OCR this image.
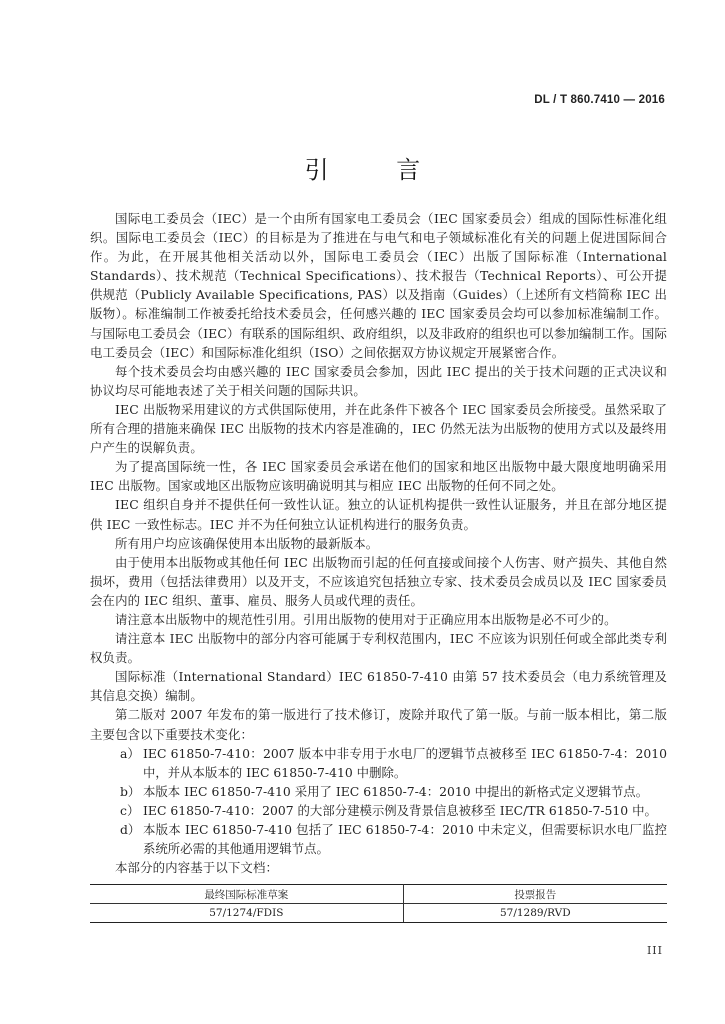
DL / T 860.7410 — 2016
引 言

国际电工委员会（IEC）是一个由所有国家电工委员会（IEC 国家委员会）组成的国际性标准化组织。国际电工委员会（IEC）的目标是为了推进在与电气和电子领域标准化有关的问题上促进国际间合作。为此，在开展其他相关活动以外，国际电工委员会（IEC）出版了国际标准（International Standards）、技术规范（Technical Specifications）、技术报告（Technical Reports）、可公开提供规范（Publicly Available Specifications, PAS）以及指南（Guides）（上述所有文档简称 IEC 出版物）。标准编制工作被委托给技术委员会，任何感兴趣的 IEC 国家委员会均可以参加标准编制工作。与国际电工委员会（IEC）有联系的国际组织、政府组织，以及非政府的组织也可以参加编制工作。国际电工委员会（IEC）和国际标准化组织（ISO）之间依据双方协议规定开展紧密合作。

每个技术委员会均由感兴趣的 IEC 国家委员会参加，因此 IEC 提出的关于技术问题的正式决议和协议均尽可能地表述了关于相关问题的国际共识。

IEC 出版物采用建议的方式供国际使用，并在此条件下被各个 IEC 国家委员会所接受。虽然采取了所有合理的措施来确保 IEC 出版物的技术内容是准确的，IEC 仍然无法为出版物的使用方式以及最终用户产生的误解负责。

为了提高国际统一性，各 IEC 国家委员会承诺在他们的国家和地区出版物中最大限度地明确采用 IEC 出版物。国家或地区出版物应该明确说明其与相应 IEC 出版物的任何不同之处。

IEC 组织自身并不提供任何一致性认证。独立的认证机构提供一致性认证服务，并且在部分地区提供 IEC 一致性标志。IEC 并不为任何独立认证机构进行的服务负责。

所有用户均应该确保使用本出版物的最新版本。

由于使用本出版物或其他任何 IEC 出版物而引起的任何直接或间接个人伤害、财产损失、其他自然损坏，费用（包括法律费用）以及开支，不应该追究包括独立专家、技术委员会成员以及 IEC 国家委员会在内的 IEC 组织、董事、雇员、服务人员或代理的责任。

请注意本出版物中的规范性引用。引用出版物的使用对于正确应用本出版物是必不可少的。

请注意本 IEC 出版物中的部分内容可能属于专利权范围内，IEC 不应该为识别任何或全部此类专利权负责。

国际标准（International Standard）IEC 61850-7-410 由第 57 技术委员会（电力系统管理及其信息交换）编制。

第二版对 2007 年发布的第一版进行了技术修订，废除并取代了第一版。与前一版本相比，第二版主要包含以下重要技术变化：

a） IEC 61850-7-410：2007 版本中非专用于水电厂的逻辑节点被移至 IEC 61850-7-4：2010 中，并从本版本的 IEC 61850-7-410 中删除。
b） 本版本 IEC 61850-7-410 采用了 IEC 61850-7-4：2010 中提出的新格式定义逻辑节点。
c） IEC 61850-7-410：2007 的大部分建模示例及背景信息被移至 IEC/TR 61850-7-510 中。
d） 本版本 IEC 61850-7-410 包括了 IEC 61850-7-4：2010 中未定义，但需要标识水电厂监控系统所必需的其他通用逻辑节点。

本部分的内容基于以下文档：

最终国际标准草案	投票报告
57/1274/FDIS	57/1289/RVD
III
